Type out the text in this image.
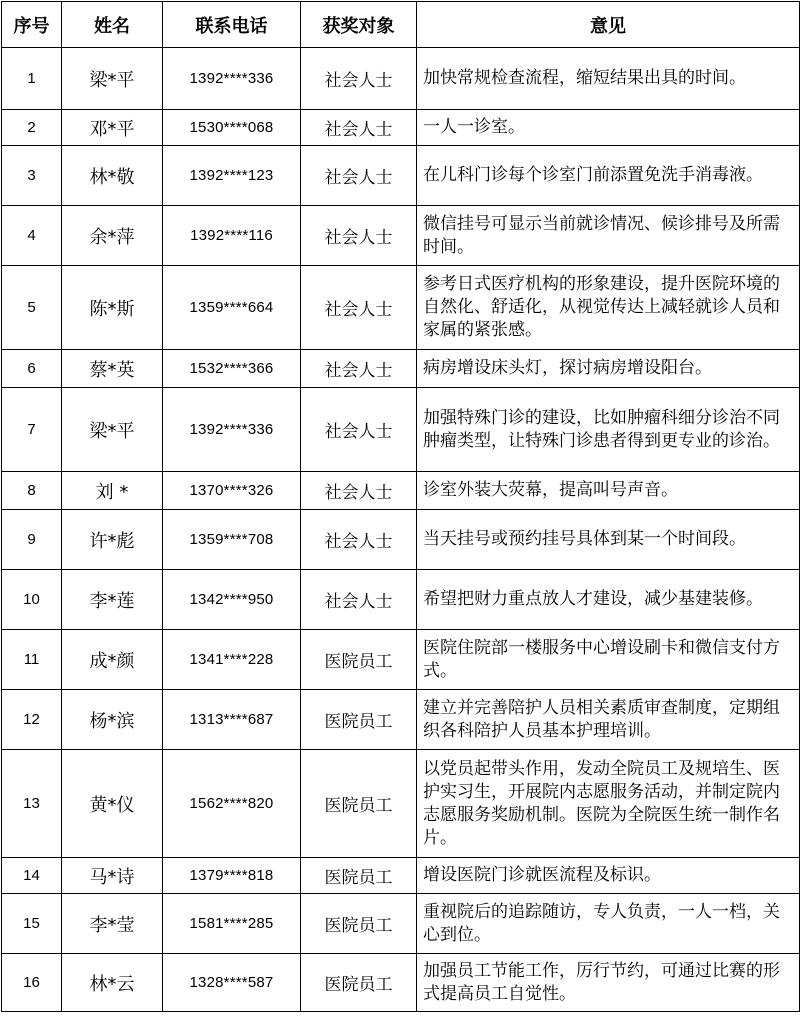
序号	姓名	联系电话	获奖对象	意见
1	梁*平	1392****336	社会人士	加快常规检查流程，缩短结果出具的时间。
2	邓*平	1530****068	社会人士	一人一诊室。
3	林*敬	1392****123	社会人士	在儿科门诊每个诊室门前添置免洗手消毒液。
4	余*萍	1392****116	社会人士	微信挂号可显示当前就诊情况、候诊排号及所需时间。
5	陈*斯	1359****664	社会人士	参考日式医疗机构的形象建设，提升医院环境的自然化、舒适化，从视觉传达上减轻就诊人员和家属的紧张感。
6	蔡*英	1532****366	社会人士	病房增设床头灯，探讨病房增设阳台。
7	梁*平	1392****336	社会人士	加强特殊门诊的建设，比如肿瘤科细分诊治不同肿瘤类型，让特殊门诊患者得到更专业的诊治。
8	刘 *	1370****326	社会人士	诊室外装大荧幕，提高叫号声音。
9	许*彪	1359****708	社会人士	当天挂号或预约挂号具体到某一个时间段。
10	李*莲	1342****950	社会人士	希望把财力重点放人才建设，减少基建装修。
11	成*颜	1341****228	医院员工	医院住院部一楼服务中心增设刷卡和微信支付方式。
12	杨*滨	1313****687	医院员工	建立并完善陪护人员相关素质审查制度，定期组织各科陪护人员基本护理培训。
13	黄*仪	1562****820	医院员工	以党员起带头作用，发动全院员工及规培生、医护实习生，开展院内志愿服务活动，并制定院内志愿服务奖励机制。医院为全院医生统一制作名片。
14	马*诗	1379****818	医院员工	增设医院门诊就医流程及标识。
15	李*莹	1581****285	医院员工	重视院后的追踪随访，专人负责，一人一档，关心到位。
16	林*云	1328****587	医院员工	加强员工节能工作，厉行节约，可通过比赛的形式提高员工自觉性。
